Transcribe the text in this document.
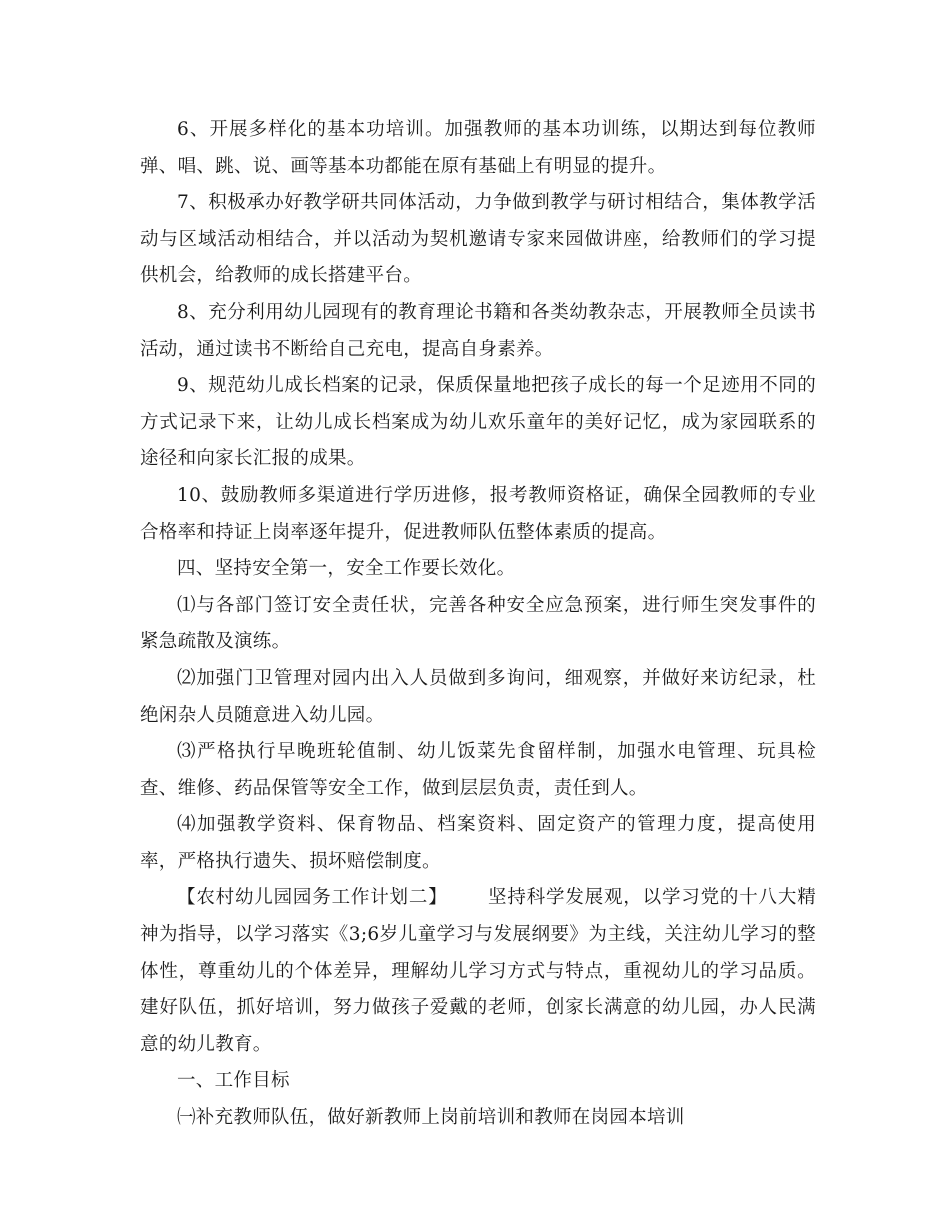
6、开展多样化的基本功培训。加强教师的基本功训练，以期达到每位教师弹、唱、跳、说、画等基本功都能在原有基础上有明显的提升。

7、积极承办好教学研共同体活动，力争做到教学与研讨相结合，集体教学活动与区域活动相结合，并以活动为契机邀请专家来园做讲座，给教师们的学习提供机会，给教师的成长搭建平台。

8、充分利用幼儿园现有的教育理论书籍和各类幼教杂志，开展教师全员读书活动，通过读书不断给自己充电，提高自身素养。

9、规范幼儿成长档案的记录，保质保量地把孩子成长的每一个足迹用不同的方式记录下来，让幼儿成长档案成为幼儿欢乐童年的美好记忆，成为家园联系的途径和向家长汇报的成果。

10、鼓励教师多渠道进行学历进修，报考教师资格证，确保全园教师的专业合格率和持证上岗率逐年提升，促进教师队伍整体素质的提高。

四、坚持安全第一，安全工作要长效化。

⑴与各部门签订安全责任状，完善各种安全应急预案，进行师生突发事件的紧急疏散及演练。

⑵加强门卫管理对园内出入人员做到多询问，细观察，并做好来访纪录，杜绝闲杂人员随意进入幼儿园。

⑶严格执行早晚班轮值制、幼儿饭菜先食留样制，加强水电管理、玩具检查、维修、药品保管等安全工作，做到层层负责，责任到人。

⑷加强教学资料、保育物品、档案资料、固定资产的管理力度，提高使用率，严格执行遗失、损坏赔偿制度。

【农村幼儿园园务工作计划二】 坚持科学发展观，以学习党的十八大精神为指导，以学习落实《3;6岁儿童学习与发展纲要》为主线，关注幼儿学习的整体性，尊重幼儿的个体差异，理解幼儿学习方式与特点，重视幼儿的学习品质。建好队伍，抓好培训，努力做孩子爱戴的老师，创家长满意的幼儿园，办人民满意的幼儿教育。

一、工作目标

㈠补充教师队伍，做好新教师上岗前培训和教师在岗园本培训
